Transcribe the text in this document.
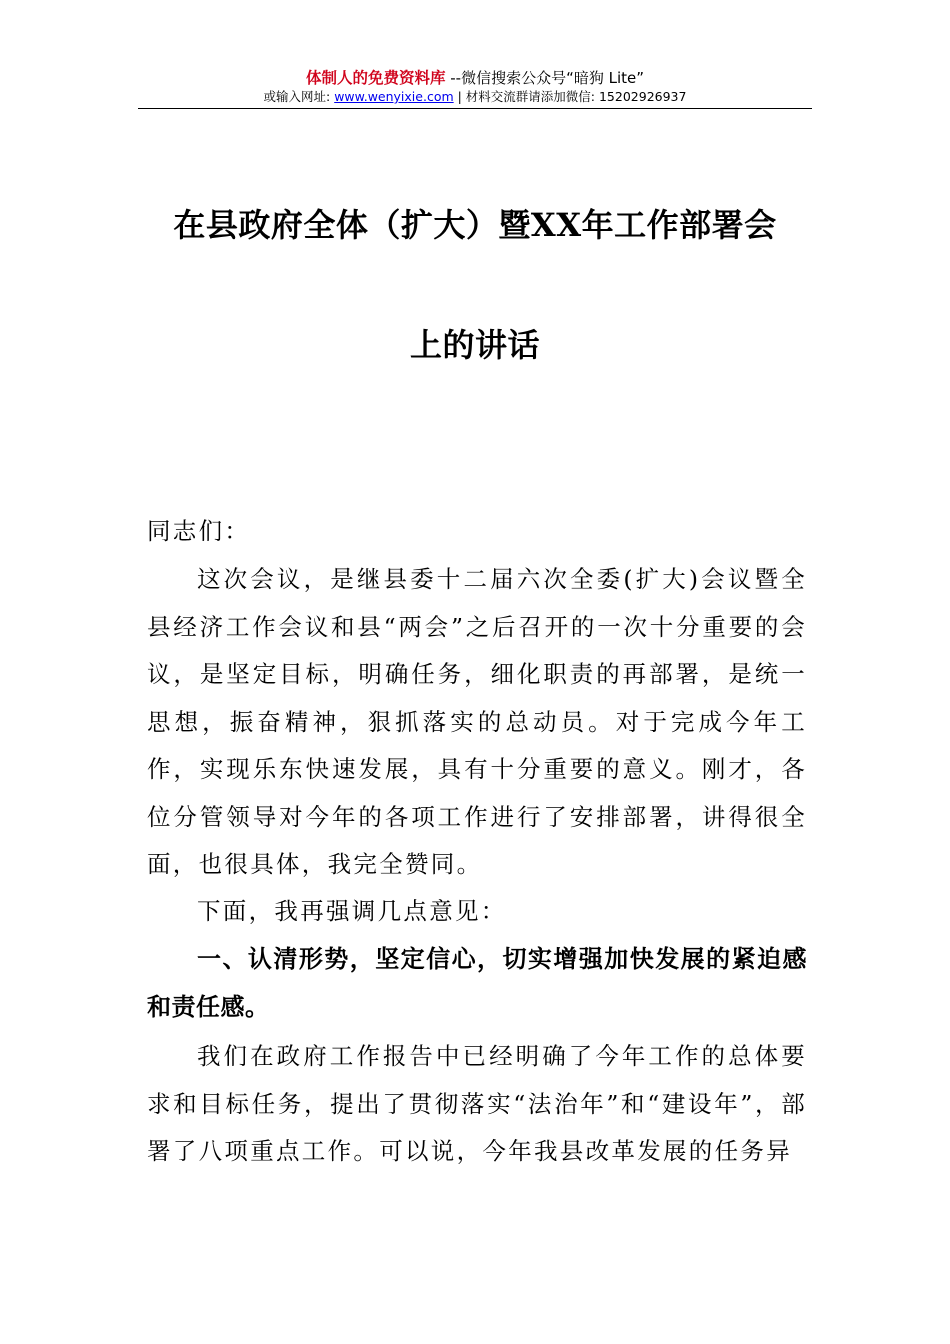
体制人的免费资料库 --微信搜索公众号“暗狗 Lite”
或输入网址: www.wenyixie.com | 材料交流群请添加微信: 15202926937
在县政府全体（扩大）暨XX年工作部署会
上的讲话
同志们：
这次会议，是继县委十二届六次全委(扩大)会议暨全县经济工作会议和县“两会”之后召开的一次十分重要的会议，是坚定目标，明确任务，细化职责的再部署，是统一思想，振奋精神，狠抓落实的总动员。对于完成今年工作，实现乐东快速发展，具有十分重要的意义。刚才，各位分管领导对今年的各项工作进行了安排部署，讲得很全面，也很具体，我完全赞同。
下面，我再强调几点意见：
一、认清形势，坚定信心，切实增强加快发展的紧迫感和责任感。
我们在政府工作报告中已经明确了今年工作的总体要求和目标任务，提出了贯彻落实“法治年”和“建设年”，部署了八项重点工作。可以说，今年我县改革发展的任务异
